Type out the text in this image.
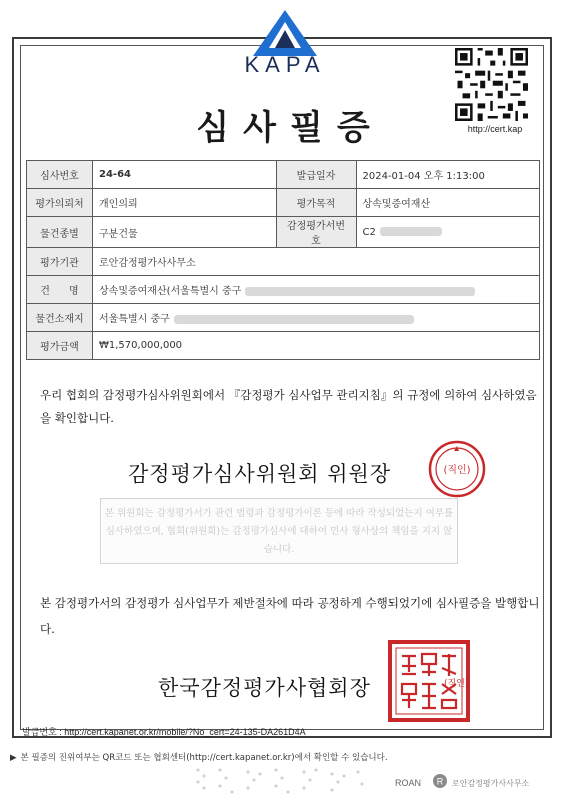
KAPA
http://cert.kap
심사필증
심사번호	24-64	발급일자	2024-01-04 오후 1:13:00
평가의뢰처	개인의뢰	평가목적	상속및증여재산
물건종별	구분건물	감정평가서번호	C2
평가기관	로안감정평가사사무소		
건      명	상속및증여재산(서울특별시 중구		
물건소재지	서울특별시 중구		
평가금액	₩1,570,000,000		
우리 협회의 감정평가심사위원회에서 『감정평가 심사업무 관리지침』의 규정에 의하여 심사하였음을 확인합니다.
감정평가심사위원회 위원장	(직인)
본 위원회는 감정평가서가 관련 법령과 감정평가이론 등에 따라 작성되었는지 여부를 심사하였으며, 협회(위원회)는 감정평가심사에 대하여 민사 형사상의 책임을 지지 않습니다.
본 감정평가서의 감정평가 심사업무가 제반절차에 따라 공정하게 수행되었기에 심사필증을 발행합니다.
한국감정평가사협회장	(직인)
발급번호 : http://cert.kapanet.or.kr/mobile/?No_cert=24-135-DA261D4A
▶ 본 필증의 진위여부는 QR코드 또는 협회센터(http://cert.kapanet.or.kr)에서 확인할 수 있습니다.
ROAN R 로안감정평가사사무소
